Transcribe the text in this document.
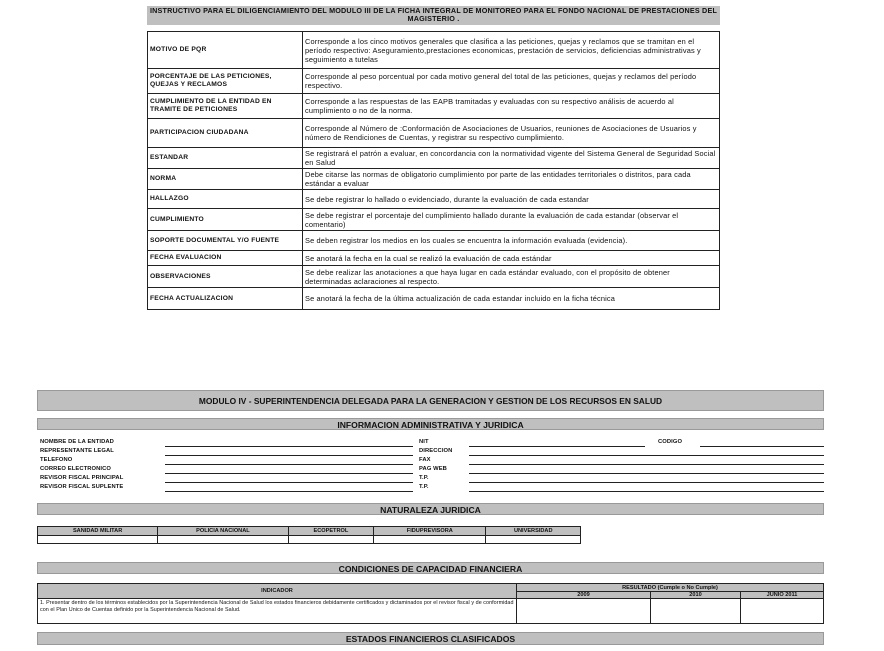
INSTRUCTIVO PARA EL DILIGENCIAMIENTO DEL MODULO III DE LA FICHA INTEGRAL DE MONITOREO PARA EL FONDO NACIONAL DE PRESTACIONES DEL MAGISTERIO .
MOTIVO DE PQR	Corresponde a los cinco motivos generales que clasifica a las peticiones, quejas y reclamos que se tramitan en el período respectivo: Aseguramiento,prestaciones economicas, prestación de servicios, deficiencias administrativas y seguimiento a tutelas
PORCENTAJE DE LAS PETICIONES, QUEJAS Y RECLAMOS	Corresponde al peso porcentual por cada motivo general del total de las peticiones, quejas y reclamos del período respectivo.
CUMPLIMIENTO DE LA ENTIDAD EN TRAMITE DE PETICIONES	Corresponde a las respuestas de las EAPB tramitadas y evaluadas con su respectivo análisis de acuerdo al cumplimiento o no de la norma.
PARTICIPACION CIUDADANA	Corresponde al Número de :Conformación de Asociaciones de Usuarios, reuniones de Asociaciones de Usuarios y número de Rendiciones de Cuentas, y registrar su respectivo cumplimiento.
ESTANDAR	Se registrará el patrón a evaluar, en concordancia con la normatividad vigente del Sistema General de Seguridad Social en Salud
NORMA	Debe citarse las normas de obligatorio cumplimiento por parte de las entidades territoriales o distritos, para cada estándar a evaluar
HALLAZGO	Se debe registrar lo hallado o evidenciado, durante la evaluación de cada estandar
CUMPLIMIENTO	Se debe registrar el porcentaje del cumplimiento hallado durante la evaluación de cada estandar (observar el comentario)
SOPORTE DOCUMENTAL Y/O FUENTE	Se deben registrar los medios en los cuales se encuentra la información evaluada (evidencia).
FECHA EVALUACION	Se anotará la fecha en la cual se realizó la evaluación de cada estándar
OBSERVACIONES	Se debe realizar las anotaciones a que haya lugar en cada estándar evaluado, con el propósito de obtener determinadas aclaraciones al respecto.
FECHA ACTUALIZACION	Se anotará la fecha de la última actualización de cada estandar incluido en la ficha técnica
MODULO IV - SUPERINTENDENCIA DELEGADA PARA LA GENERACION Y GESTION DE LOS RECURSOS EN SALUD
INFORMACION ADMINISTRATIVA Y JURIDICA
NOMBRE DE LA ENTIDAD
REPRESENTANTE LEGAL
TELEFONO
CORREO ELECTRONICO
REVISOR FISCAL PRINCIPAL
REVISOR FISCAL SUPLENTE
NIT
DIRECCION
FAX
PAG WEB
T.P.
T.P.
CODIGO
NATURALEZA JURIDICA
SANIDAD MILITAR	POLICIA NACIONAL	ECOPETROL	FIDUPREVISORA	UNIVERSIDAD

CONDICIONES DE CAPACIDAD FINANCIERA
INDICADOR	RESULTADO (Cumple o No Cumple)		
	2009	2010	JUNIO 2011
1. Presentar dentro de los términos establecidos por la Superintendencia Nacional de Salud los estados financieros debidamente certificados y dictaminados por el revisor fiscal y de conformidad con el Plan Unico de Cuentas definido por la Superintendencia Nacional de Salud.			
ESTADOS FINANCIEROS CLASIFICADOS
